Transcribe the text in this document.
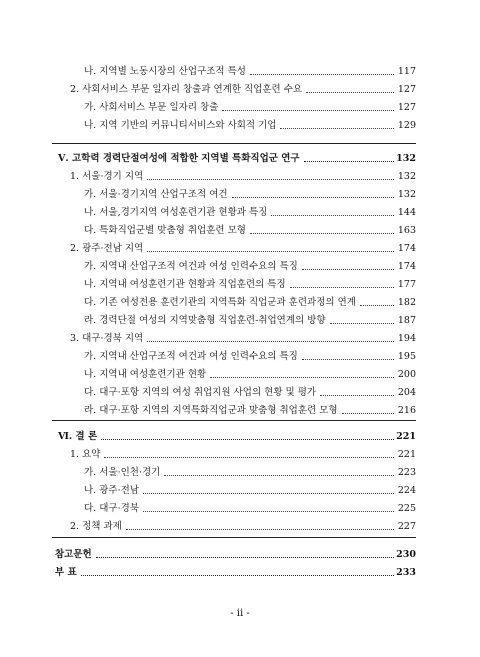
나. 지역별 노동시장의 산업구조적 특성	117
2. 사회서비스 부문 일자리 창출과 연계한 직업훈련 수요	127
가. 사회서비스 부문 일자리 창출	127
나. 지역 기반의 커뮤니티서비스와 사회적 기업	129
Ⅴ. 고학력 경력단절여성에 적합한 지역별 특화직업군 연구	132
1. 서울·경기 지역	132
가. 서울·경기지역 산업구조적 여건	132
나. 서울,경기지역 여성훈련기관 현황과 특징	144
다. 특화직업군별 맞춤형 취업훈련 모형	163
2. 광주·전남 지역	174
가. 지역내 산업구조적 여건과 여성 인력수요의 특징	174
나. 지역내 여성훈련기관 현황과 직업훈련의 특징	177
다. 기존 여성전용 훈련기관의 지역특화 직업군과 훈련과정의 연계	182
라. 경력단절 여성의 지역맞춤형 직업훈련-취업연계의 방향	187
3. 대구·경북 지역	194
가. 지역내 산업구조적 여건과 여성 인력수요의 특징	195
나. 지역내 여성훈련기관 현황	200
다. 대구·포항 지역의 여성 취업지원 사업의 현황 및 평가	204
라. 대구·포항 지역의 지역특화직업군과 맞춤형 취업훈련 모형	216
Ⅵ. 결 론	221
1. 요약	221
가. 서울·인천·경기	223
나. 광주·전남	224
다. 대구·경북	225
2. 정책 과제	227
참고문헌	230
부 표	233
- ii -
